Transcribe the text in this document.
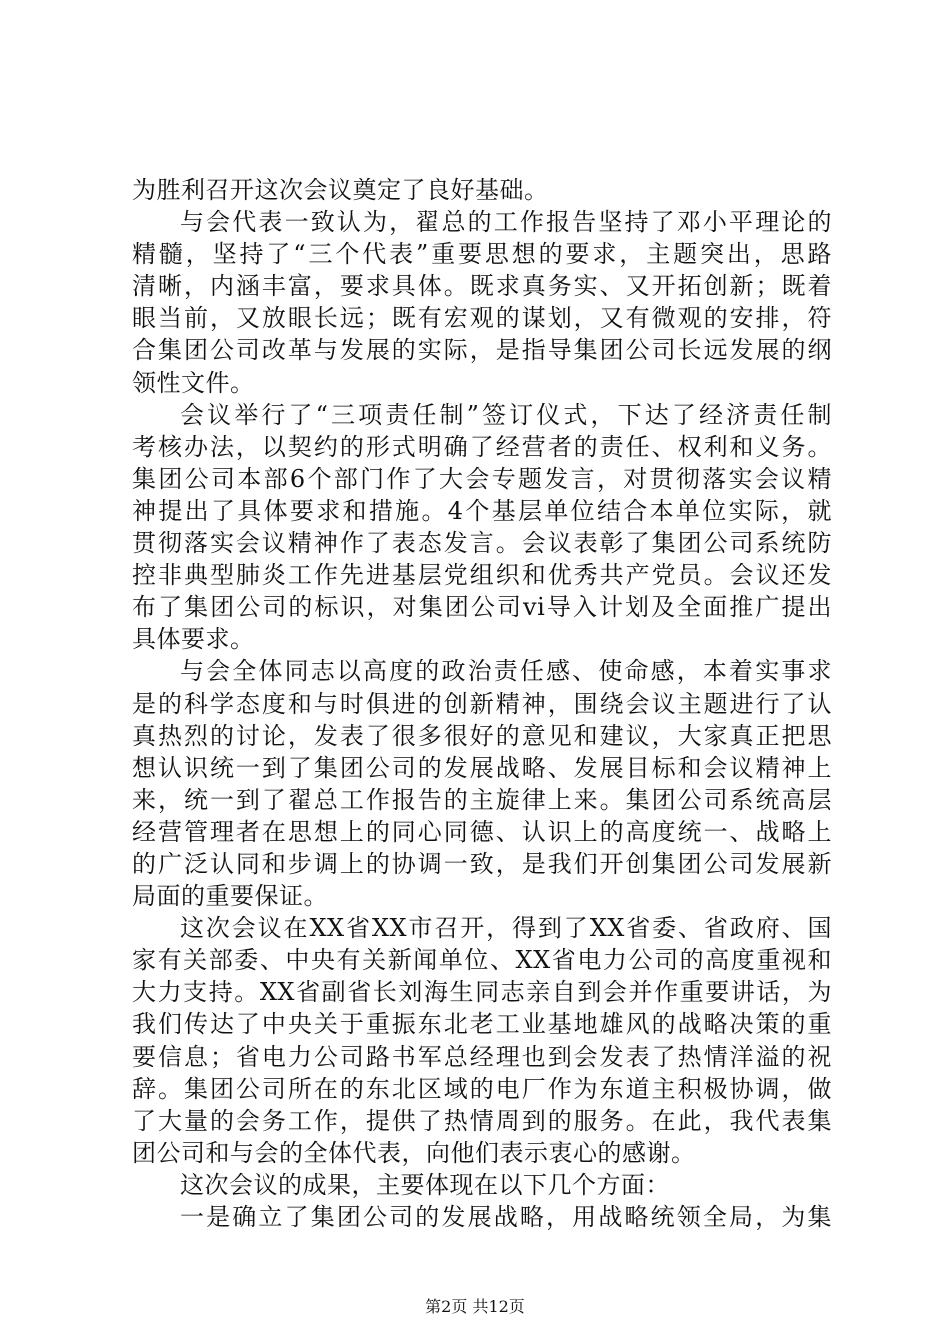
为胜利召开这次会议奠定了良好基础。
与会代表一致认为，翟总的工作报告坚持了邓小平理论的
精髓，坚持了“三个代表”重要思想的要求，主题突出，思路
清晰，内涵丰富，要求具体。既求真务实、又开拓创新；既着
眼当前，又放眼长远；既有宏观的谋划，又有微观的安排，符
合集团公司改革与发展的实际，是指导集团公司长远发展的纲
领性文件。
会议举行了“三项责任制”签订仪式，下达了经济责任制
考核办法，以契约的形式明确了经营者的责任、权利和义务。
集团公司本部6个部门作了大会专题发言，对贯彻落实会议精
神提出了具体要求和措施。4个基层单位结合本单位实际，就
贯彻落实会议精神作了表态发言。会议表彰了集团公司系统防
控非典型肺炎工作先进基层党组织和优秀共产党员。会议还发
布了集团公司的标识，对集团公司vi导入计划及全面推广提出
具体要求。
与会全体同志以高度的政治责任感、使命感，本着实事求
是的科学态度和与时俱进的创新精神，围绕会议主题进行了认
真热烈的讨论，发表了很多很好的意见和建议，大家真正把思
想认识统一到了集团公司的发展战略、发展目标和会议精神上
来，统一到了翟总工作报告的主旋律上来。集团公司系统高层
经营管理者在思想上的同心同德、认识上的高度统一、战略上
的广泛认同和步调上的协调一致，是我们开创集团公司发展新
局面的重要保证。
这次会议在XX省XX市召开，得到了XX省委、省政府、国
家有关部委、中央有关新闻单位、XX省电力公司的高度重视和
大力支持。XX省副省长刘海生同志亲自到会并作重要讲话，为
我们传达了中央关于重振东北老工业基地雄风的战略决策的重
要信息；省电力公司路书军总经理也到会发表了热情洋溢的祝
辞。集团公司所在的东北区域的电厂作为东道主积极协调，做
了大量的会务工作，提供了热情周到的服务。在此，我代表集
团公司和与会的全体代表，向他们表示衷心的感谢。
这次会议的成果，主要体现在以下几个方面：
一是确立了集团公司的发展战略，用战略统领全局，为集
第2页 共12页
